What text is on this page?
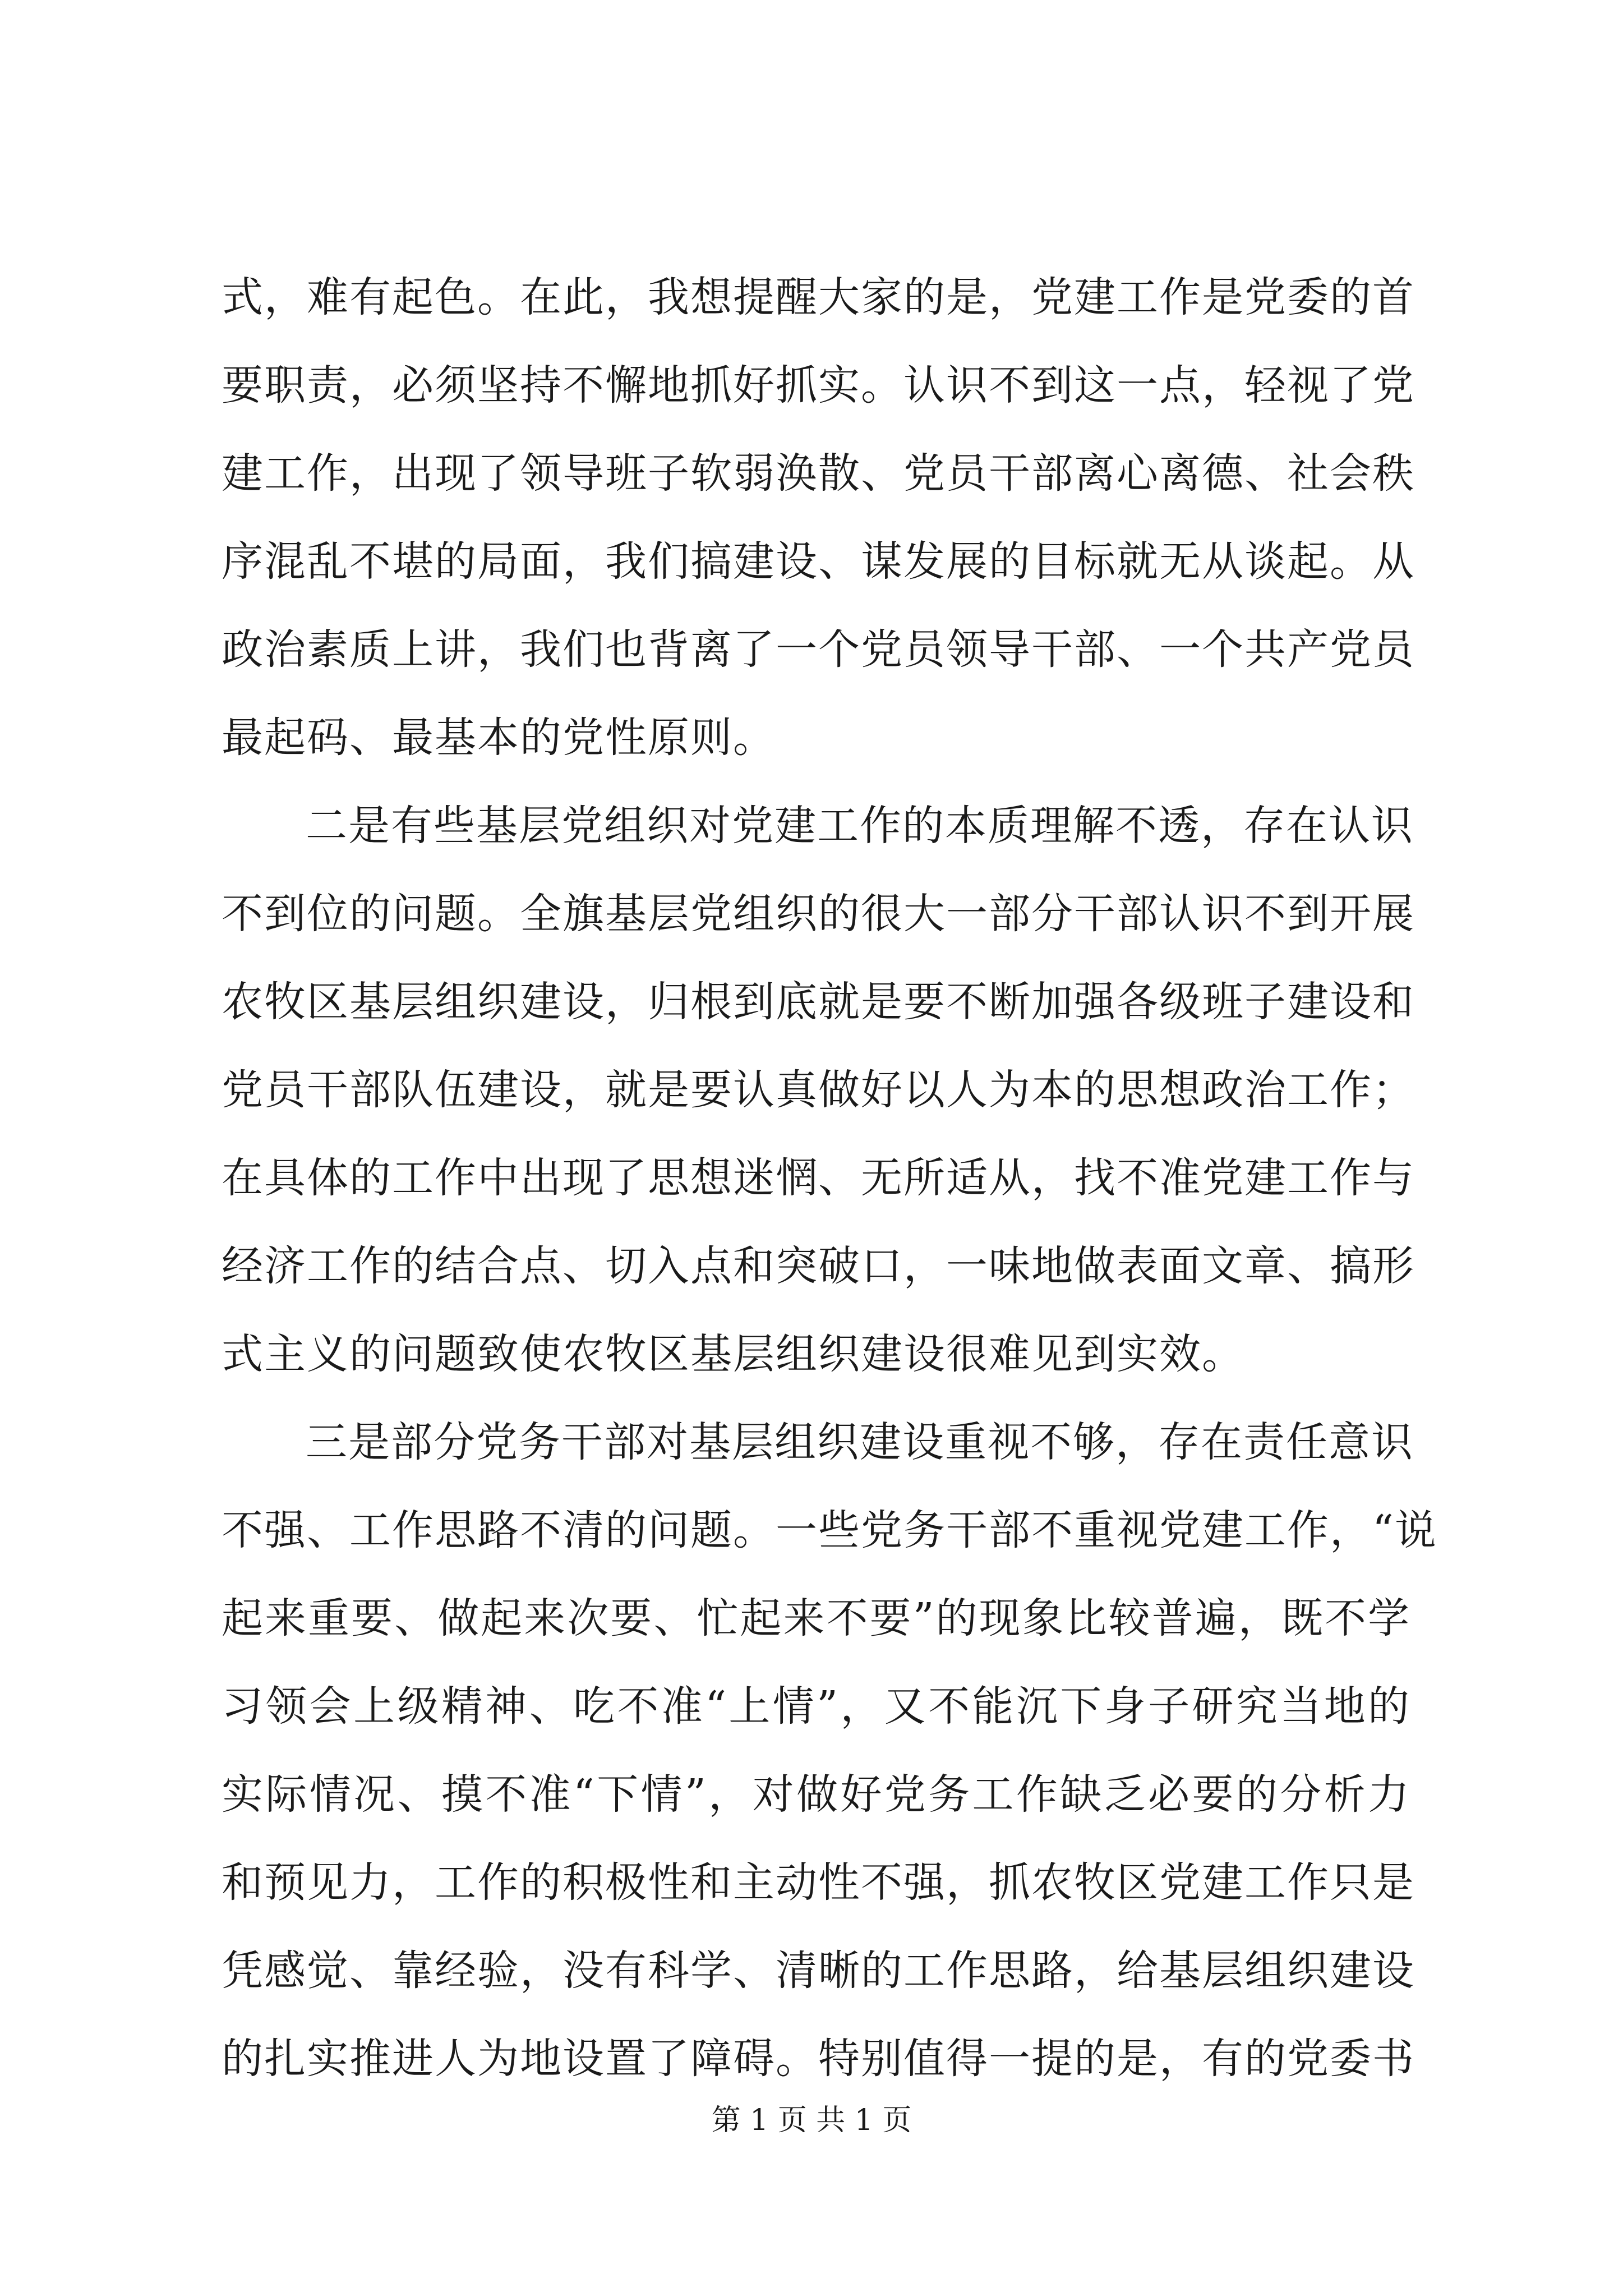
式，难有起色。在此，我想提醒大家的是，党建工作是党委的首
要职责，必须坚持不懈地抓好抓实。认识不到这一点，轻视了党
建工作，出现了领导班子软弱涣散、党员干部离心离德、社会秩
序混乱不堪的局面，我们搞建设、谋发展的目标就无从谈起。从
政治素质上讲，我们也背离了一个党员领导干部、一个共产党员
最起码、最基本的党性原则。
二是有些基层党组织对党建工作的本质理解不透，存在认识
不到位的问题。全旗基层党组织的很大一部分干部认识不到开展
农牧区基层组织建设，归根到底就是要不断加强各级班子建设和
党员干部队伍建设，就是要认真做好以人为本的思想政治工作；
在具体的工作中出现了思想迷惘、无所适从，找不准党建工作与
经济工作的结合点、切入点和突破口，一味地做表面文章、搞形
式主义的问题致使农牧区基层组织建设很难见到实效。
三是部分党务干部对基层组织建设重视不够，存在责任意识
不强、工作思路不清的问题。一些党务干部不重视党建工作，“说
起来重要、做起来次要、忙起来不要”的现象比较普遍，既不学
习领会上级精神、吃不准“上情”，又不能沉下身子研究当地的
实际情况、摸不准“下情”，对做好党务工作缺乏必要的分析力
和预见力，工作的积极性和主动性不强，抓农牧区党建工作只是
凭感觉、靠经验，没有科学、清晰的工作思路，给基层组织建设
的扎实推进人为地设置了障碍。特别值得一提的是，有的党委书
第 1 页 共 1 页
